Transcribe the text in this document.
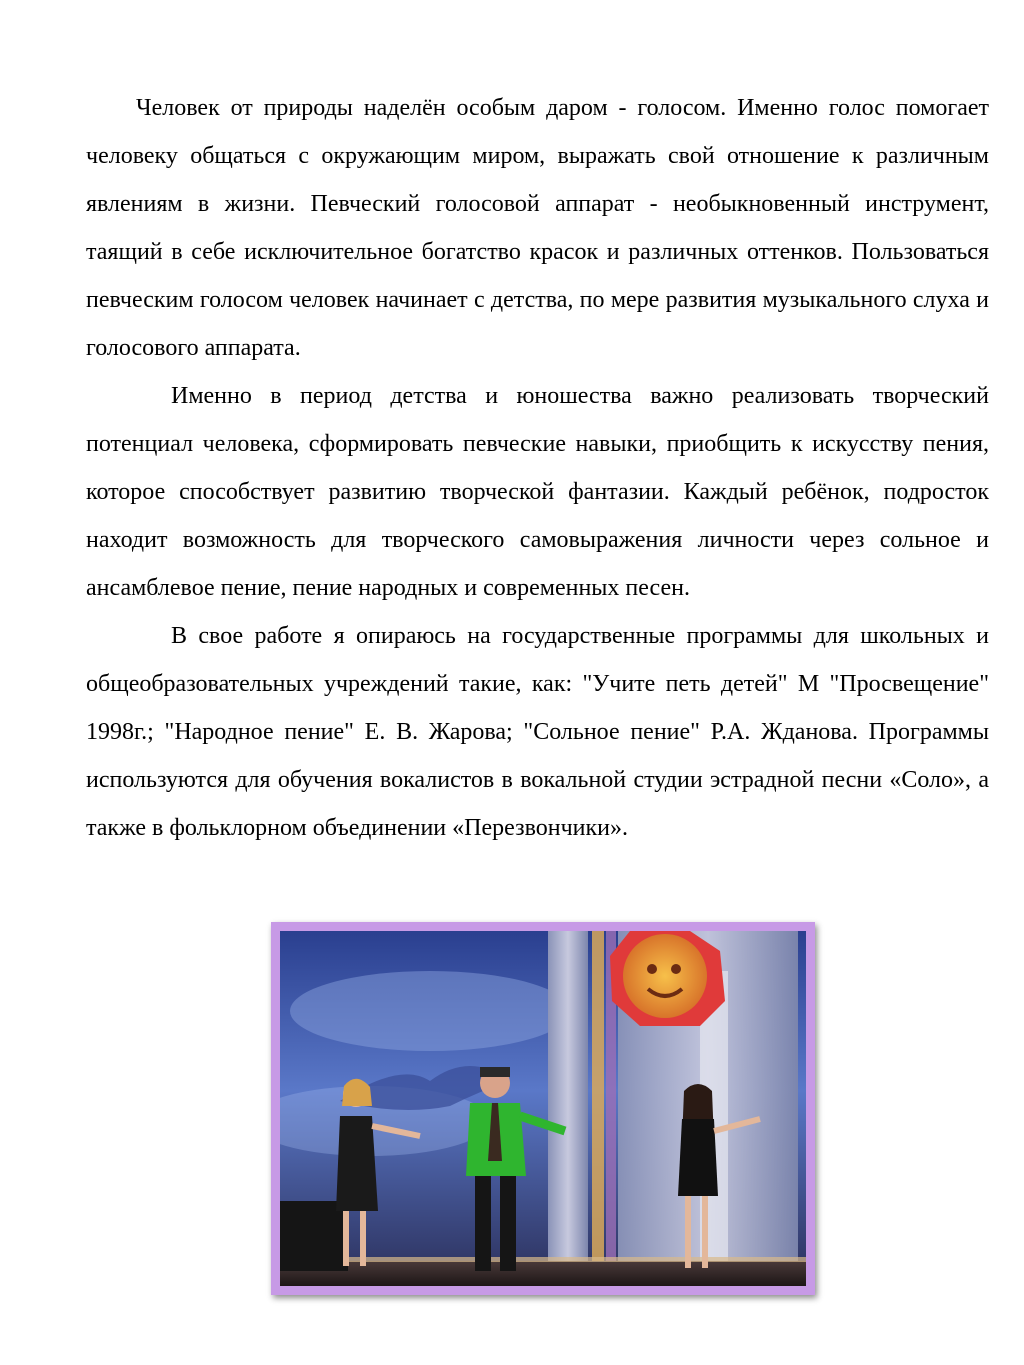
Человек от природы наделён особым даром - голосом. Именно голос помогает человеку общаться с окружающим миром, выражать свой отношение к различным явлениям в жизни. Певческий голосовой аппарат - необыкновенный инструмент, таящий в себе исключительное богатство красок и различных оттенков. Пользоваться певческим голосом человек начинает с детства, по мере развития музыкального слуха и голосового аппарата.

Именно в период детства и юношества важно реализовать творческий потенциал человека, сформировать певческие навыки, приобщить к искусству пения, которое способствует развитию творческой фантазии. Каждый ребёнок, подросток находит возможность для творческого самовыражения личности через сольное и ансамблевое пение, пение народных и современных песен.

В свое работе я опираюсь на государственные программы для школьных и общеобразовательных учреждений такие, как: "Учите петь детей" М "Просвещение" 1998г.; "Народное пение" Е. В. Жарова; "Сольное пение" Р.А. Жданова. Программы используются для обучения вокалистов в вокальной студии эстрадной песни «Соло», а также в фольклорном объединении «Перезвончики».
